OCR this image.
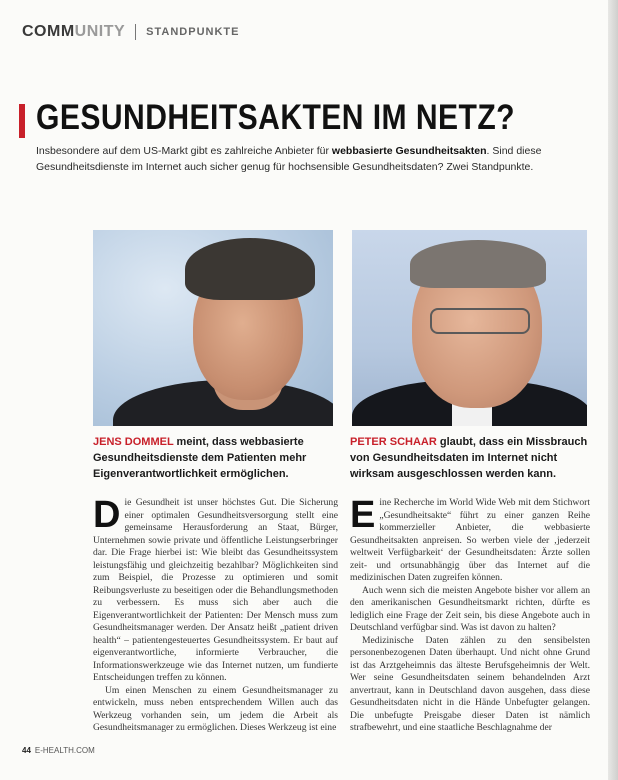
COMM UNITY STANDPUNKTE
GESUNDHEITSAKTEN IM NETZ?
Insbesondere auf dem US-Markt gibt es zahlreiche Anbieter für webbasierte Gesundheitsakten. Sind diese Gesundheitsdienste im Internet auch sicher genug für hochsensible Gesundheitsdaten? Zwei Standpunkte.
JENS DOMMEL meint, dass webbasierte Gesundheitsdienste dem Patienten mehr Eigenverantwortlichkeit ermöglichen.
PETER SCHAAR glaubt, dass ein Missbrauch von Gesundheitsdaten im Internet nicht wirksam ausgeschlossen werden kann.
D ie Gesundheit ist unser höchstes Gut. Die Sicherung einer optimalen Gesundheitsversorgung stellt eine gemeinsame Herausforderung an Staat, Bürger, Unternehmen sowie private und öffentliche Leistungserbringer dar. Die Frage hierbei ist: Wie bleibt das Gesundheitssystem leistungsfähig und gleichzeitig bezahlbar? Möglichkeiten sind zum Beispiel, die Prozesse zu optimieren und somit Reibungsverluste zu beseitigen oder die Behandlungsmethoden zu verbessern. Es muss sich aber auch die Eigenverantwortlichkeit der Patienten: Der Mensch muss zum Gesundheitsmanager werden. Der Ansatz heißt „patient driven health“ – patientengesteuertes Gesundheitssystem. Er baut auf eigenverantwortliche, informierte Verbraucher, die Informationswerkzeuge wie das Internet nutzen, um fundierte Entscheidungen treffen zu können.

Um einen Menschen zu einem Gesundheitsmanager zu entwickeln, muss neben entsprechendem Willen auch das Werkzeug vorhanden sein, um jedem die Arbeit als Gesundheitsmanager zu ermöglichen. Dieses Werkzeug ist eine

E ine Recherche im World Wide Web mit dem Stichwort „Gesundheitsakte“ führt zu einer ganzen Reihe kommerzieller Anbieter, die webbasierte Gesundheitsakten anpreisen. So werben viele der ‚jederzeit weltweit Verfügbarkeit‘ der Gesundheitsdaten: Ärzte sollen zeit- und ortsunabhängig über das Internet auf die medizinischen Daten zugreifen können.

Auch wenn sich die meisten Angebote bisher vor allem an den amerikanischen Gesundheitsmarkt richten, dürfte es lediglich eine Frage der Zeit sein, bis diese Angebote auch in Deutschland verfügbar sind. Was ist davon zu halten?

Medizinische Daten zählen zu den sensibelsten personenbezogenen Daten überhaupt. Und nicht ohne Grund ist das Arztgeheimnis das älteste Berufsgeheimnis der Welt. Wer seine Gesundheitsdaten seinem behandelnden Arzt anvertraut, kann in Deutschland davon ausgehen, dass diese Gesundheitsdaten nicht in die Hände Unbefugter gelangen. Die unbefugte Preisgabe dieser Daten ist nämlich strafbewehrt, und eine staatliche Beschlagnahme der

44 E-HEALTH.COM
